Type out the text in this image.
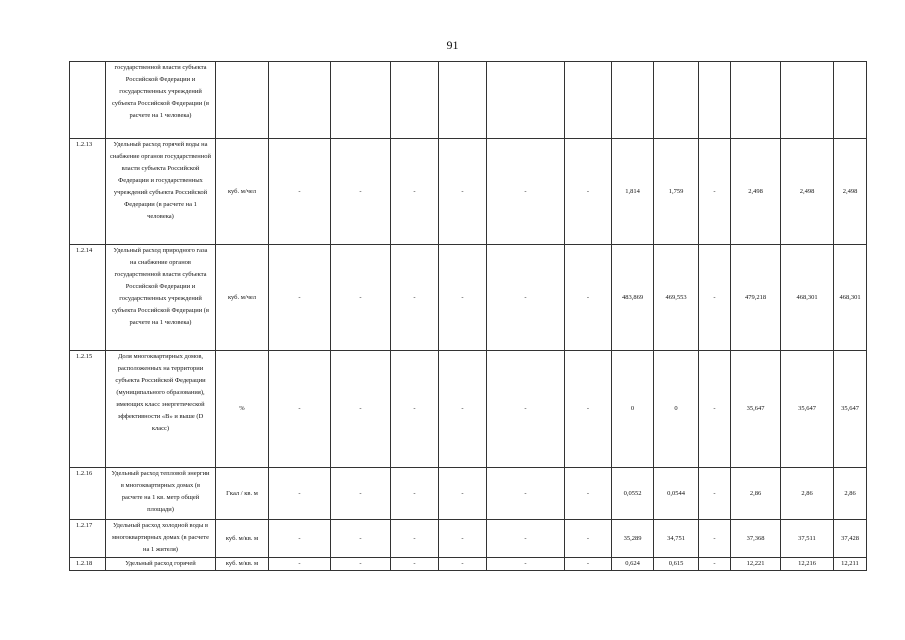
91
	государственной власти субъекта Российской Федерации и государственных учреждений субъекта Российской Федерации (в расчете на 1 человека)													
1.2.13	Удельный расход горячей воды на снабжение органов государственной власти субъекта Российской Федерации и государственных учреждений субъекта Российской Федерации (в расчете на 1 человека)	куб. м/чел	-	-	-	-	-	-	1,814	1,759	-	2,498	2,498	2,498
1.2.14	Удельный расход природного газа на снабжение органов государственной власти субъекта Российской Федерации и государственных учреждений субъекта Российской Федерации (в расчете на 1 человека)	куб. м/чел	-	-	-	-	-	-	483,869	469,553	-	479,218	468,301	468,301
1.2.15	Доля многоквартирных домов, расположенных на территории субъекта Российской Федерации (муниципального образования), имеющих класс энергетической эффективности «В» и выше (D класс)	%	-	-	-	-	-	-	0	0	-	35,647	35,647	35,647
1.2.16	Удельный расход тепловой энергии в многоквартирных домах (в расчете на 1 кв. метр общей площади)	Гкал / кв. м	-	-	-	-	-	-	0,0552	0,0544	-	2,86	2,86	2,86
1.2.17	Удельный расход холодной воды в многоквартирных домах (в расчете на 1 жителя)	куб. м/кв. м	-	-	-	-	-	-	35,289	34,751	-	37,368	37,511	37,428
1.2.18	Удельный расход горячей	куб. м/кв. м	-	-	-	-	-	-	0,624	0,615	-	12,221	12,216	12,211
